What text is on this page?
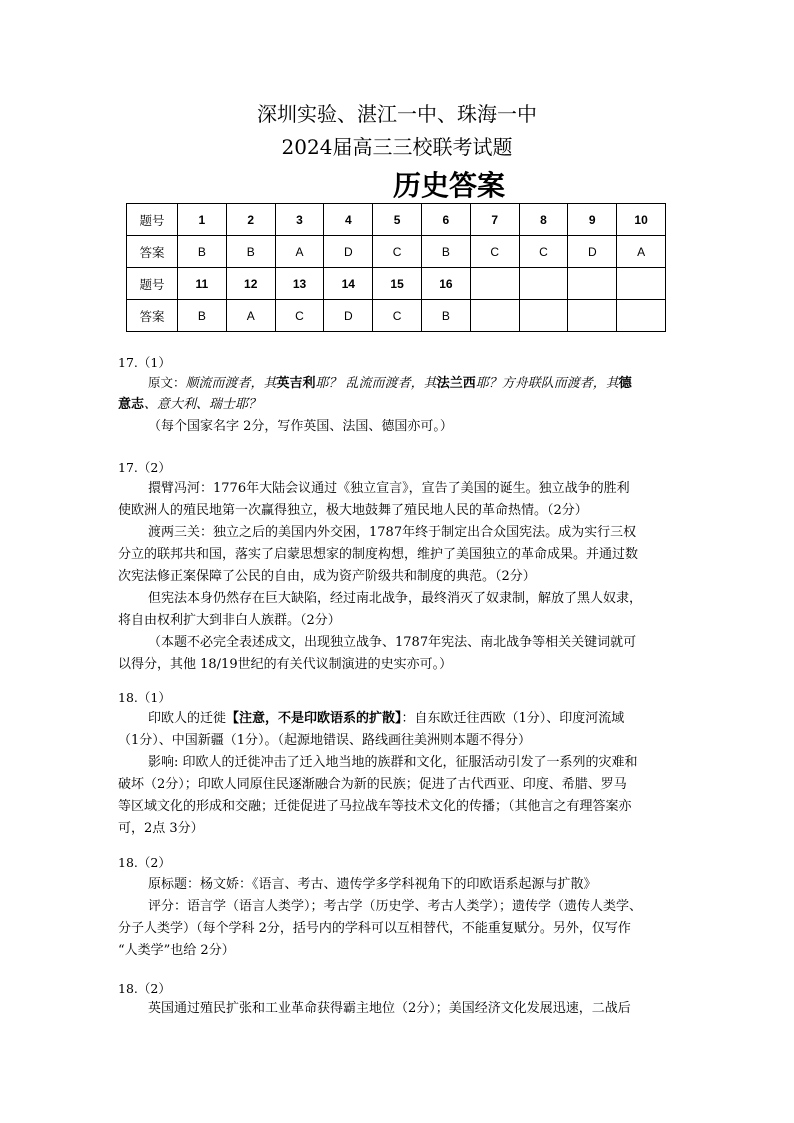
深圳实验、湛江一中、珠海一中
2024届高三三校联考试题
历史答案
题号	1	2	3	4	5	6	7	8	9	10
答案	B	B	A	D	C	B	C	C	D	A
题号	11	12	13	14	15	16				
答案	B	A	C	D	C	B				
17.（1）
原文：顺流而渡者，其英吉利耶？ 乱流而渡者，其法兰西耶？方舟联队而渡者，其德
意志、意大利、瑞士耶？
（每个国家名字 2分，写作英国、法国、德国亦可。）
17.（2）
擐臂冯河：1776年大陆会议通过《独立宣言》，宣告了美国的诞生。独立战争的胜利
使欧洲人的殖民地第一次赢得独立，极大地鼓舞了殖民地人民的革命热情。（2分）
渡两三关：独立之后的美国内外交困，1787年终于制定出合众国宪法。成为实行三权
分立的联邦共和国，落实了启蒙思想家的制度构想，维护了美国独立的革命成果。并通过数
次宪法修正案保障了公民的自由，成为资产阶级共和制度的典范。（2分）
但宪法本身仍然存在巨大缺陷，经过南北战争，最终消灭了奴隶制，解放了黑人奴隶，
将自由权利扩大到非白人族群。（2分）
（本题不必完全表述成文，出现独立战争、1787年宪法、南北战争等相关关键词就可
以得分，其他 18/19世纪的有关代议制演进的史实亦可。）
18.（1）
印欧人的迁徙【注意，不是印欧语系的扩散】：自东欧迁往西欧（1分）、印度河流域
（1分）、中国新疆（1分）。（起源地错误、路线画往美洲则本题不得分）
影响: 印欧人的迁徙冲击了迁入地当地的族群和文化，征服活动引发了一系列的灾难和
破坏（2分）；印欧人同原住民逐渐融合为新的民族；促进了古代西亚、印度、希腊、罗马
等区域文化的形成和交融；迁徙促进了马拉战车等技术文化的传播；（其他言之有理答案亦
可，2点 3分）
18.（2）
原标题：杨文娇：《语言、考古、遗传学多学科视角下的印欧语系起源与扩散》
评分：语言学（语言人类学）；考古学（历史学、考古人类学）；遗传学（遗传人类学、
分子人类学）（每个学科 2分，括号内的学科可以互相替代，不能重复赋分。另外，仅写作
“人类学”也给 2分）
18.（2）
英国通过殖民扩张和工业革命获得霸主地位（2分）；美国经济文化发展迅速，二战后
